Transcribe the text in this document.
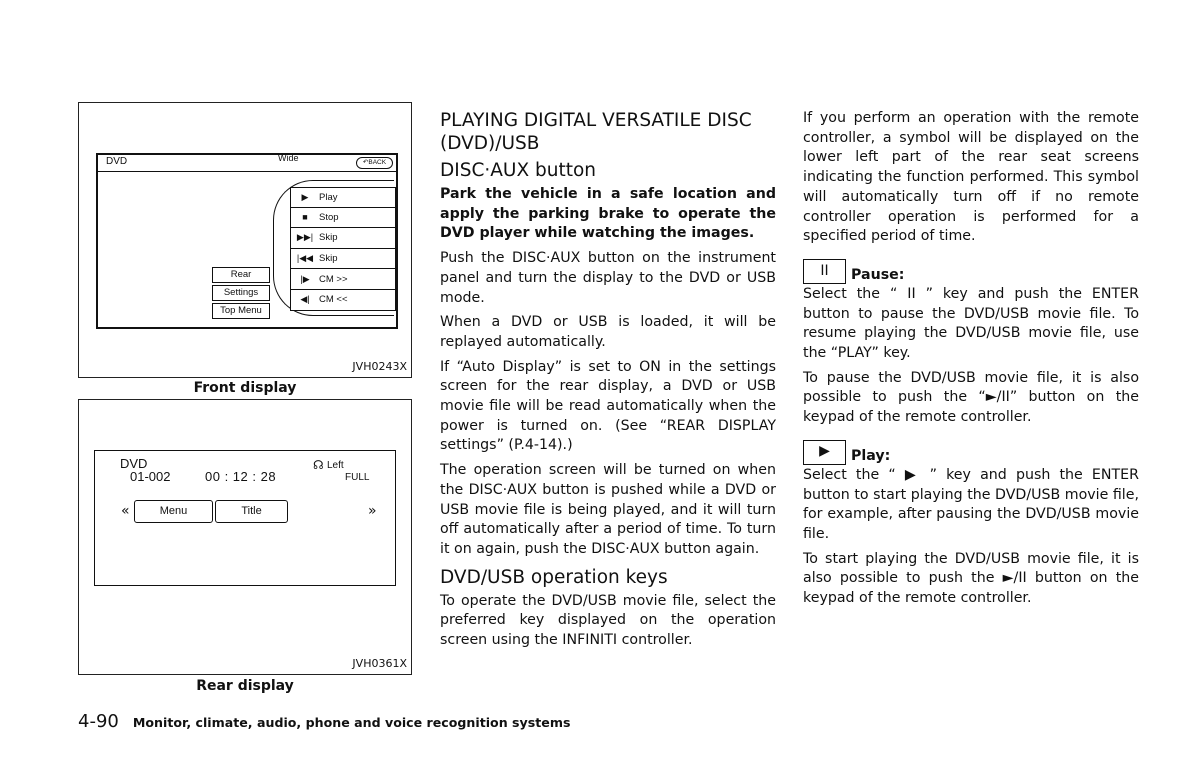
DVD	Wide	↶BACK
▶	Play
■	Stop
▶▶| Skip
|◀◀ Skip
|▶ CM >>
◀| CM <<
Rear
Settings
Top Menu
JVH0243X
Front display
DVD
01-002	00 : 12 : 28
☊ Left
FULL
«	Menu	Title	»
JVH0361X
Rear display
PLAYING DIGITAL VERSATILE DISC (DVD)/USB
DISC·AUX button

Park the vehicle in a safe location and apply the parking brake to operate the DVD player while watching the images.

Push the DISC·AUX button on the instrument panel and turn the display to the DVD or USB mode.

When a DVD or USB is loaded, it will be replayed automatically.

If “Auto Display” is set to ON in the settings screen for the rear display, a DVD or USB movie file will be read automatically when the power is turned on. (See “REAR DISPLAY settings” (P.4-14).)

The operation screen will be turned on when the DISC·AUX button is pushed while a DVD or USB movie file is being played, and it will turn off automatically after a period of time. To turn it on again, push the DISC·AUX button again.

DVD/USB operation keys

To operate the DVD/USB movie file, select the preferred key displayed on the operation screen using the INFINITI controller.

If you perform an operation with the remote controller, a symbol will be displayed on the lower left part of the rear seat screens indicating the function performed. This symbol will automatically turn off if no remote controller operation is performed for a specified period of time.

II	Pause:

Select the “ II ” key and push the ENTER button to pause the DVD/USB movie file. To resume playing the DVD/USB movie file, use the “PLAY” key.

To pause the DVD/USB movie file, it is also possible to push the “►/II” button on the keypad of the remote controller.

▶	Play:

Select the “ ▶ ” key and push the ENTER button to start playing the DVD/USB movie file, for example, after pausing the DVD/USB movie file.

To start playing the DVD/USB movie file, it is also possible to push the ►/II button on the keypad of the remote controller.

4-90 Monitor, climate, audio, phone and voice recognition systems
